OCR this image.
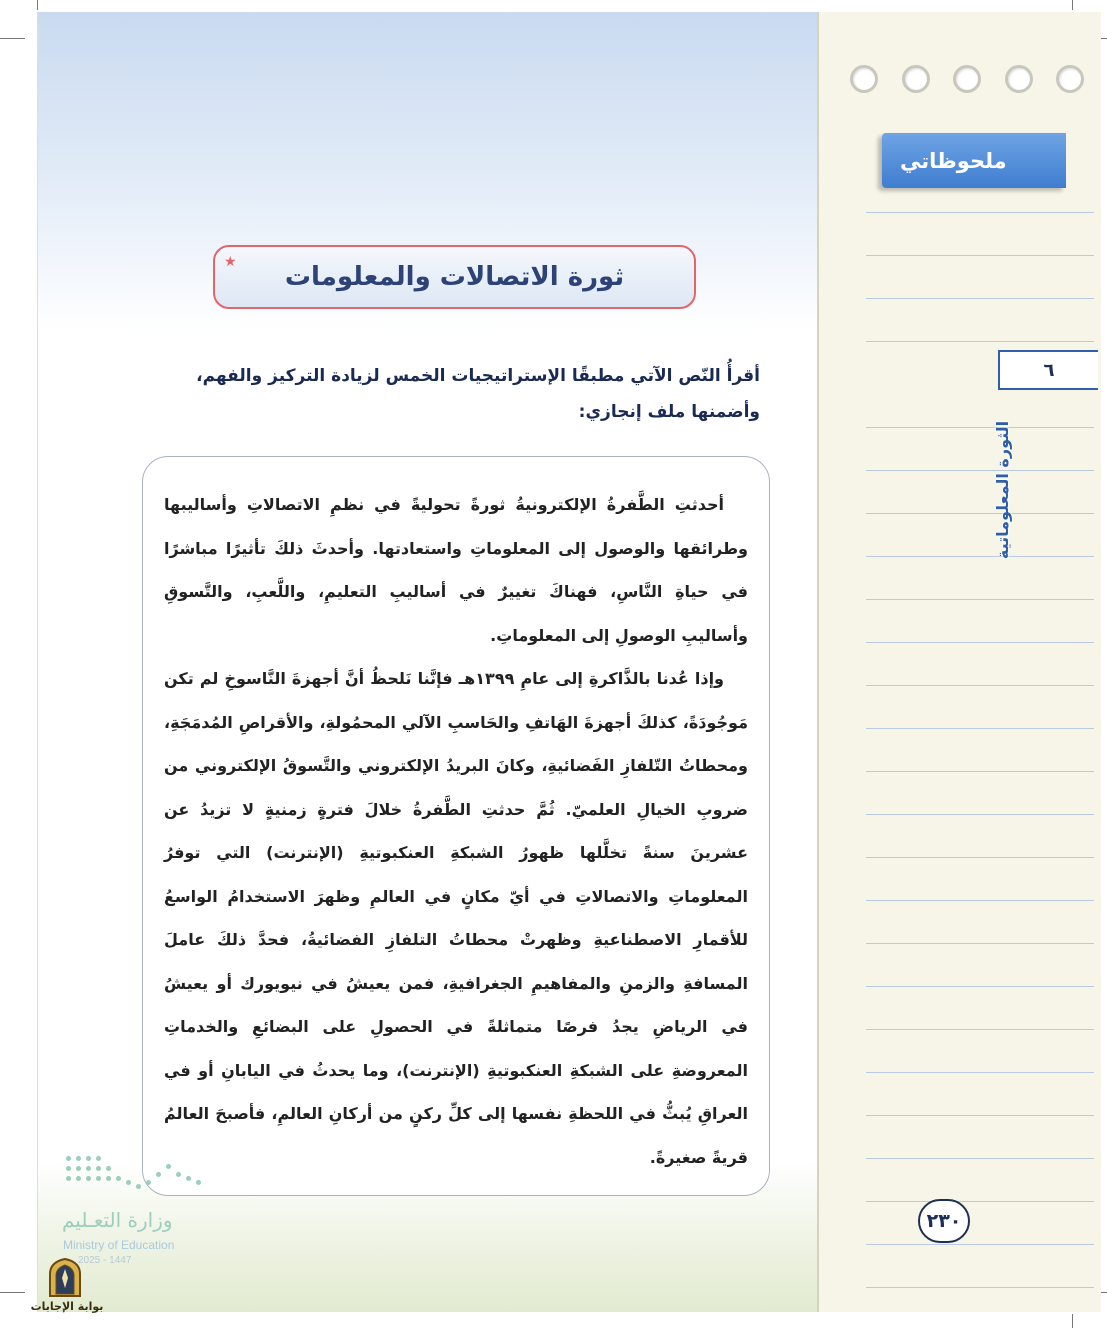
ملحوظاتي
٦
الثورة المعلوماتية
ثورة الاتصالات والمعلومات
★
أقرأُ النّص الآتي مطبقًا الإستراتيجيات الخمس لزيادة التركيز والفهم، وأضمنها ملف إنجازي:

أحدثتِ الطَّفرةُ الإلكترونيةُ ثورةً تحوليةً في نظمِ الاتصالاتِ وأساليبها وطرائقها والوصول إلى المعلوماتِ واستعادتها. وأحدثَ ذلكَ تأثيرًا مباشرًا في حياةِ النَّاسِ، فهناكَ تغييرٌ في أساليبِ التعليمِ، واللَّعبِ، والتَّسوقِ وأساليبِ الوصولِ إلى المعلوماتِ.

وإذا عُدنا بالذَّاكرةِ إلى عامِ ١٣٩٩هـ فإنَّنا نَلحظُ أنَّ أجهزةَ النَّاسوخِ لم تكن مَوجُودَةً، كذلكَ أجهزةَ الهَاتفِ والحَاسبِ الآلي المحمُولةِ، والأقراصِ المُدمَجَةِ، ومحطاتُ التّلفازِ الفَضائيةِ، وكانَ البريدُ الإلكتروني والتَّسوقُ الإلكتروني من ضروبِ الخيالِ العلميّ. ثُمَّ حدثتِ الطَّفرةُ خلالَ فترةٍ زمنيةٍ لا تزيدُ عن عشرينَ سنةً تخلَّلها ظهورُ الشبكةِ العنكبوتيةِ (الإنترنت) التي توفرُ المعلوماتِ والاتصالاتِ في أيّ مكانٍ في العالمِ وظهرَ الاستخدامُ الواسعُ للأقمارِ الاصطناعيةِ وظهرتْ محطاتُ التلفازِ الفضائيةُ، فحدَّ ذلكَ عاملَ المسافةِ والزمنِ والمفاهيمِ الجغرافيةِ، فمن يعيشُ في نيويورك أو يعيشُ في الرياضِ يجدُ فرصًا متماثلةً في الحصولِ على البضائعِ والخدماتِ المعروضةِ على الشبكةِ العنكبوتيةِ (الإنترنت)، وما يحدثُ في اليابانِ أو في العراقِ يُبثُّ في اللحظةِ نفسها إلى كلِّ ركنٍ من أركانِ العالمِ، فأصبحَ العالمُ قريةً صغيرةً.

٢٣٠
وزارة التعـليم
Ministry of Education
2025 - 1447
بوابة الإجابات
